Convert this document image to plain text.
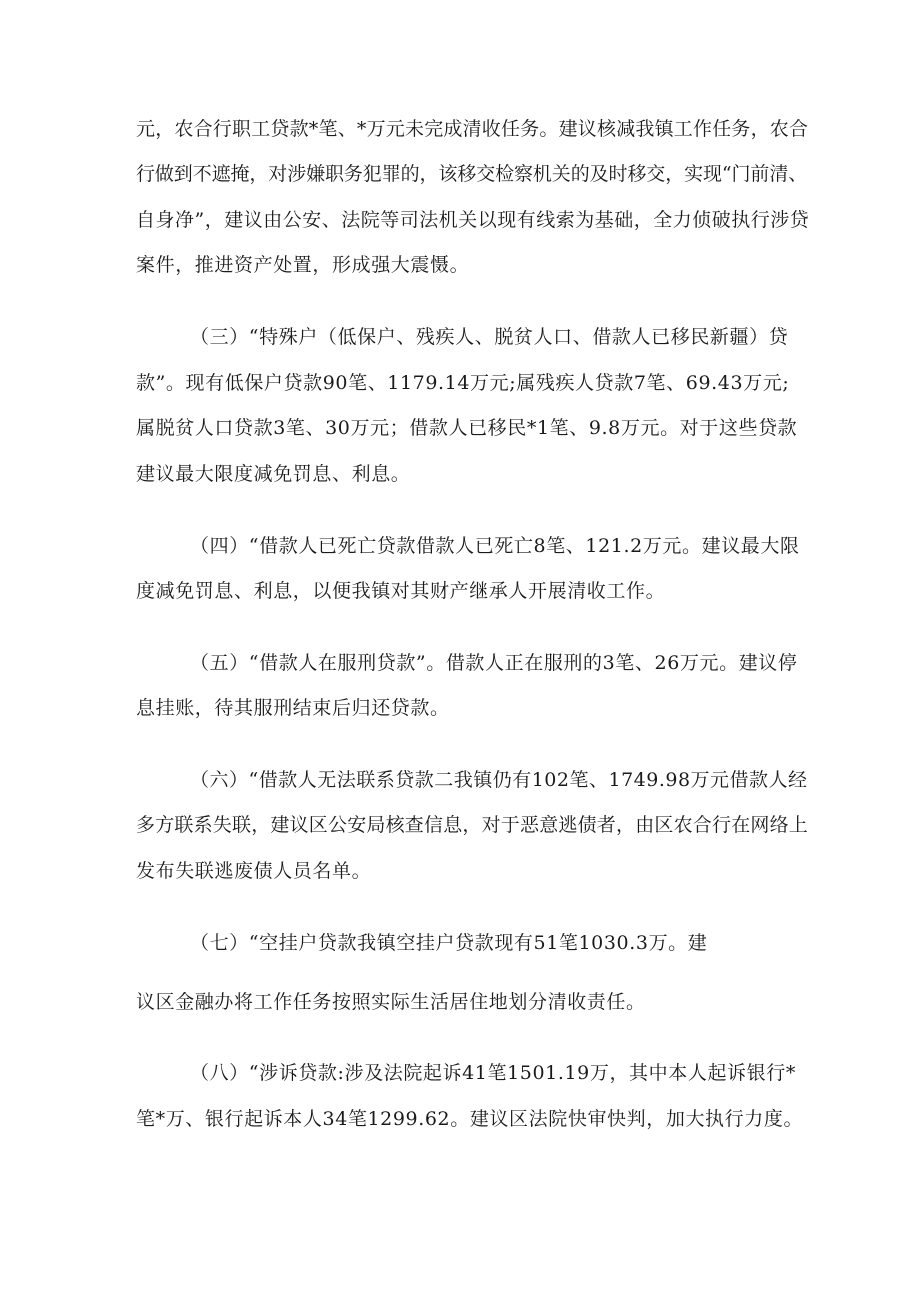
元，农合行职工贷款*笔、*万元未完成清收任务。建议核减我镇工作任务，农合
行做到不遮掩，对涉嫌职务犯罪的，该移交检察机关的及时移交，实现“门前清、
自身净”，建议由公安、法院等司法机关以现有线索为基础，全力侦破执行涉贷
案件，推进资产处置，形成强大震慑。
（三）“特殊户（低保户、残疾人、脱贫人口、借款人已移民新疆）贷
款”。现有低保户贷款90笔、1179.14万元;属残疾人贷款7笔、69.43万元;
属脱贫人口贷款3笔、30万元；借款人已移民*1笔、9.8万元。对于这些贷款
建议最大限度减免罚息、利息。
（四）“借款人已死亡贷款借款人已死亡8笔、121.2万元。建议最大限
度减免罚息、利息，以便我镇对其财产继承人开展清收工作。
（五）“借款人在服刑贷款”。借款人正在服刑的3笔、26万元。建议停
息挂账，待其服刑结束后归还贷款。
（六）“借款人无法联系贷款二我镇仍有102笔、1749.98万元借款人经
多方联系失联，建议区公安局核查信息，对于恶意逃债者，由区农合行在网络上
发布失联逃废债人员名单。
（七）“空挂户贷款我镇空挂户贷款现有51笔1030.3万。建
议区金融办将工作任务按照实际生活居住地划分清收责任。
（八）“涉诉贷款:涉及法院起诉41笔1501.19万，其中本人起诉银行*
笔*万、银行起诉本人34笔1299.62。建议区法院快审快判，加大执行力度。
